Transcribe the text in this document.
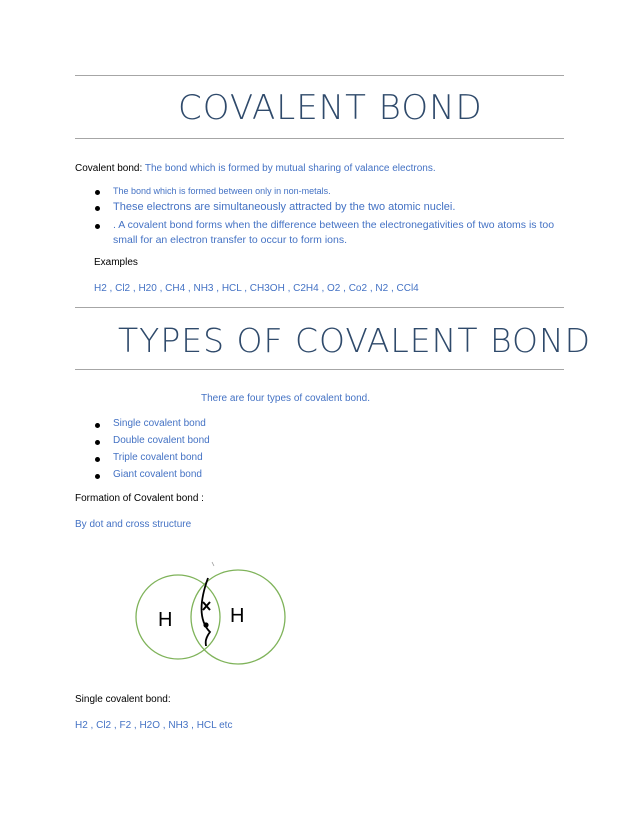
COVALENT BOND
Covalent bond: The bond which is formed by mutual sharing of valance electrons.
The bond which is formed between only in non-metals.
These electrons are simultaneously attracted by the two atomic nuclei.
. A covalent bond forms when the difference between the electronegativities of two atoms is too
small for an electron transfer to occur to form ions.
Examples
H2 , Cl2 , H20 , CH4 , NH3 , HCL , CH3OH , C2H4 , O2 , Co2 , N2 , CCl4
TYPES OF COVALENT BOND
There are four types of covalent bond.
Single covalent bond
Double covalent bond
Triple covalent bond
Giant covalent bond
Formation of Covalent bond :
By dot and cross structure
H	H
Single covalent bond:
H2 , Cl2 , F2 , H2O , NH3 , HCL etc
